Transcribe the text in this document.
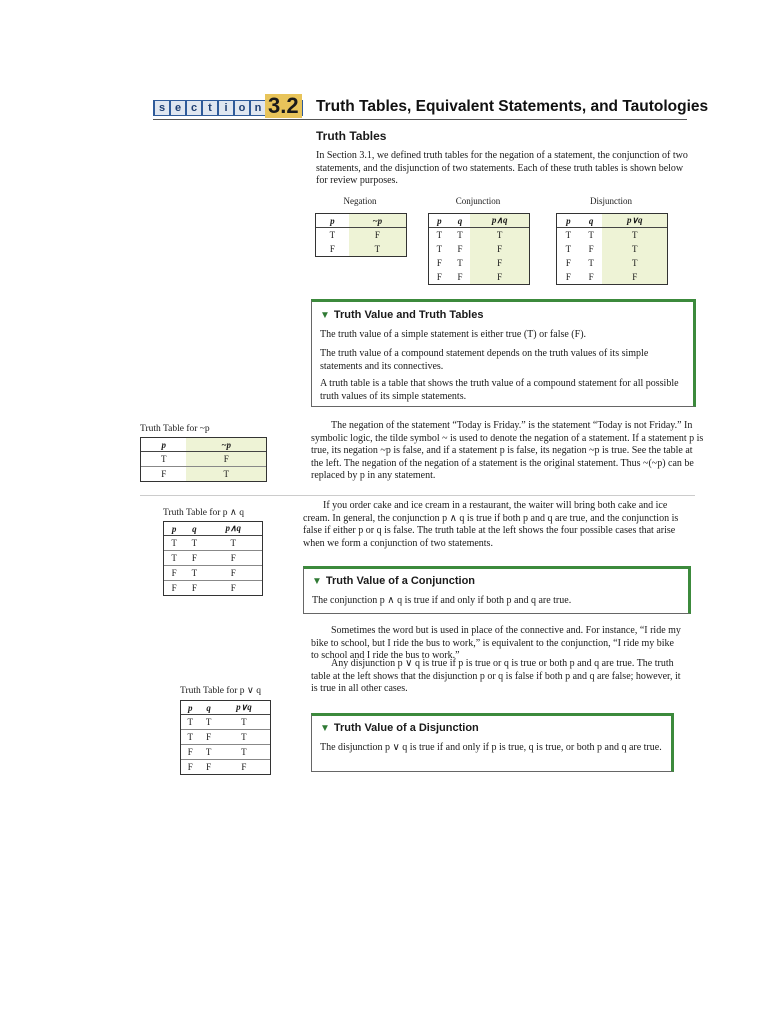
s e c	t	i	o n 3.2 Truth Tables, Equivalent Statements, and Tautologies
Truth Tables
In Section 3.1, we defined truth tables for the negation of a statement, the conjunction of two statements, and the disjunction of two statements. Each of these truth tables is shown below for review purposes.
Negation
p	~p
T	F
F	T
Conjunction
p	q	p∧q
T	T	T
T	F	F
F	T	F
F	F	F
Disjunction
p	q	p∨q
T	T	T
T	F	T
F	T	T
F	F	F
▼ Truth Value and Truth Tables

The truth value of a simple statement is either true (T) or false (F).

The truth value of a compound statement depends on the truth values of its simple statements and its connectives.

A truth table is a table that shows the truth value of a compound statement for all possible truth values of its simple statements.

Truth Table for ~p
p	~p
T	F
F	T
The negation of the statement “Today is Friday.” is the statement “Today is not Friday.” In symbolic logic, the tilde symbol ~ is used to denote the negation of a statement. If a statement p is true, its negation ~p is false, and if a statement p is false, its negation ~p is true. See the table at the left. The negation of the negation of a statement is the original statement. Thus ~(~p) can be replaced by p in any statement.
Truth Table for p ∧ q
p	q	p∧q
T	T	T
T	F	F
F	T	F
F	F	F
If you order cake and ice cream in a restaurant, the waiter will bring both cake and ice cream. In general, the conjunction p ∧ q is true if both p and q are true, and the conjunction is false if either p or q is false. The truth table at the left shows the four possible cases that arise when we form a conjunction of two statements.
▼ Truth Value of a Conjunction

The conjunction p ∧ q is true if and only if both p and q are true.

Sometimes the word but is used in place of the connective and. For instance, “I ride my bike to school, but I ride the bus to work,” is equivalent to the conjunction, “I ride my bike to school and I ride the bus to work.”
Any disjunction p ∨ q is true if p is true or q is true or both p and q are true. The truth table at the left shows that the disjunction p or q is false if both p and q are false; however, it is true in all other cases.
Truth Table for p ∨ q
p	q	p∨q
T	T	T
T	F	T
F	T	T
F	F	F
▼ Truth Value of a Disjunction

The disjunction p ∨ q is true if and only if p is true, q is true, or both p and q are true.
